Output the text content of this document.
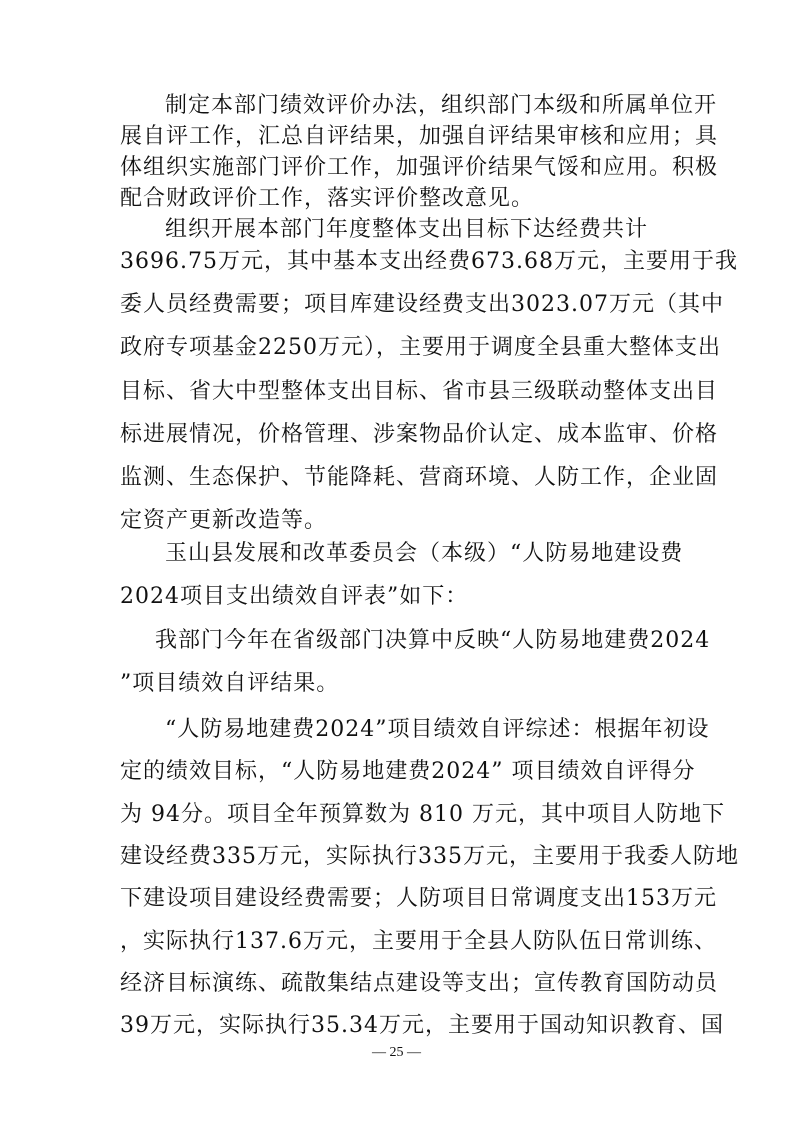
制定本部门绩效评价办法，组织部门本级和所属单位开
展自评工作，汇总自评结果，加强自评结果审核和应用；具
体组织实施部门评价工作，加强评价结果气馁和应用。积极
配合财政评价工作，落实评价整改意见。
组织开展本部门年度整体支出目标下达经费共计
3696.75万元，其中基本支出经费673.68万元，主要用于我
委人员经费需要；项目库建设经费支出3023.07万元（其中
政府专项基金2250万元），主要用于调度全县重大整体支出
目标、省大中型整体支出目标、省市县三级联动整体支出目
标进展情况，价格管理、涉案物品价认定、成本监审、价格
监测、生态保护、节能降耗、营商环境、人防工作，企业固
定资产更新改造等。
玉山县发展和改革委员会（本级）“人防易地建设费
2024项目支出绩效自评表”如下：
我部门今年在省级部门决算中反映“人防易地建费2024
”项目绩效自评结果。
“人防易地建费2024”项目绩效自评综述：根据年初设
定的绩效目标，“人防易地建费2024” 项目绩效自评得分
为 94分。项目全年预算数为 810 万元，其中项目人防地下
建设经费335万元，实际执行335万元，主要用于我委人防地
下建设项目建设经费需要；人防项目日常调度支出153万元
，实际执行137.6万元，主要用于全县人防队伍日常训练、
经济目标演练、疏散集结点建设等支出；宣传教育国防动员
39万元，实际执行35.34万元，主要用于国动知识教育、国
— 25 —
